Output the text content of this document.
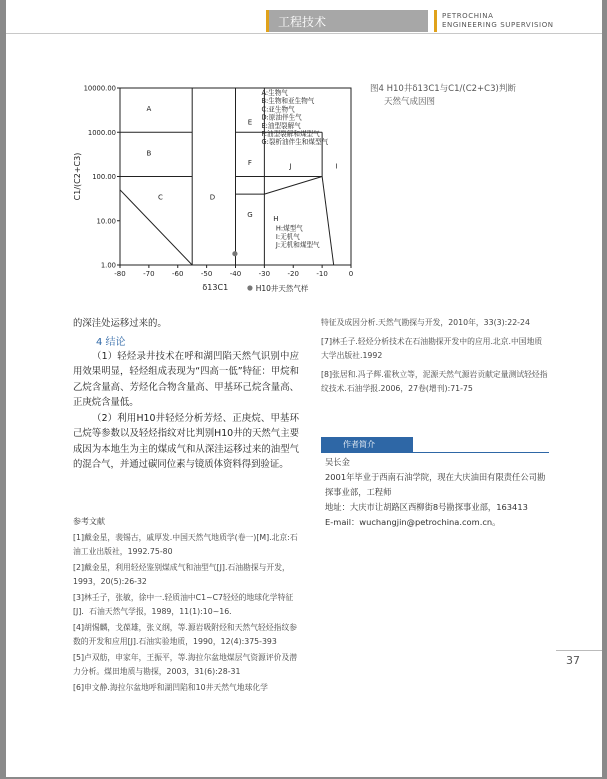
工程技术	PETROCHINA
ENGINEERING SUPERVISION
A
B
C	D
E
F
G	H
I
J
A:生物气
B:生物和亚生物气
C:亚生物气
D:原油伴生气
E:油型裂解气
F:油型裂解和煤型气
G:裂析油伴生和煤型气
H:煤型气
I:无机气
J:无机和煤型气
-80 -70 -60 -50 -40 -30 -20 -10	0
10000.00
1000.00
100.00
10.00
1.00
δ13C1
C1/(C2+C3)
H10井天然气样
图4 H10井δ13C1与C1/(C2+C3)判断
天然气成因图

的深洼处运移过来的。

4 结论

（1）轻烃录井技术在呼和湖凹陷天然气识别中应用效果明显，轻烃组成表现为“四高一低”特征：甲烷和乙烷含量高、芳烃化合物含量高、甲基环己烷含量高、正庚烷含量低。

（2）利用H10井轻烃分析芳烃、正庚烷、甲基环己烷等参数以及轻烃指纹对比判别H10井的天然气主要成因为本地生为主的煤成气和从深洼运移过来的油型气的混合气，并通过碳同位素与镜质体资料得到验证。

参考文献
[1]戴金星，裴锡古，戚厚发.中国天然气地质学(卷一)[M].北京:石油工业出版社，1992.75-80
[2]戴金星，利用轻烃鉴别煤成气和油型气[J].石油勘探与开发，1993，20(5):26-32
[3]林壬子，张敏，徐中一.轻质油中C1~C7轻烃的地球化学特征[J]．石油天然气学报，1989，11(1):10~16．
[4]胡惕麟，戈葆雄，张义纲，等.源岩吸附烃和天然气轻烃指纹参数的开发和应用[J].石油实验地质，1990，12(4):375-393
[5]卢双舫，申家年，王振平，等.海拉尔盆地煤层气资源评价及潜力分析。煤田地质与勘探，2003，31(6):28-31
[6]申文静.海拉尔盆地呼和湖凹陷和10井天然气地球化学
特征及成因分析.天然气勘探与开发，2010年，33(3):22-24
[7]林壬子.轻烃分析技术在石油勘探开发中的应用.北京.中国地质大学出版社.1992
[8]张居和.冯子辉.霍秋立等，泥源天然气源岩贡献定量测试轻烃指纹技术.石油学报.2006，27卷(增刊):71-75
作者简介
吴长金
2001年毕业于西南石油学院，现在大庆油田有限责任公司勘探事业部，工程师
地址：大庆市让胡路区西柳街8号勘探事业部，163413
E-mail：wuchangjin@petrochina.com.cn。
37
